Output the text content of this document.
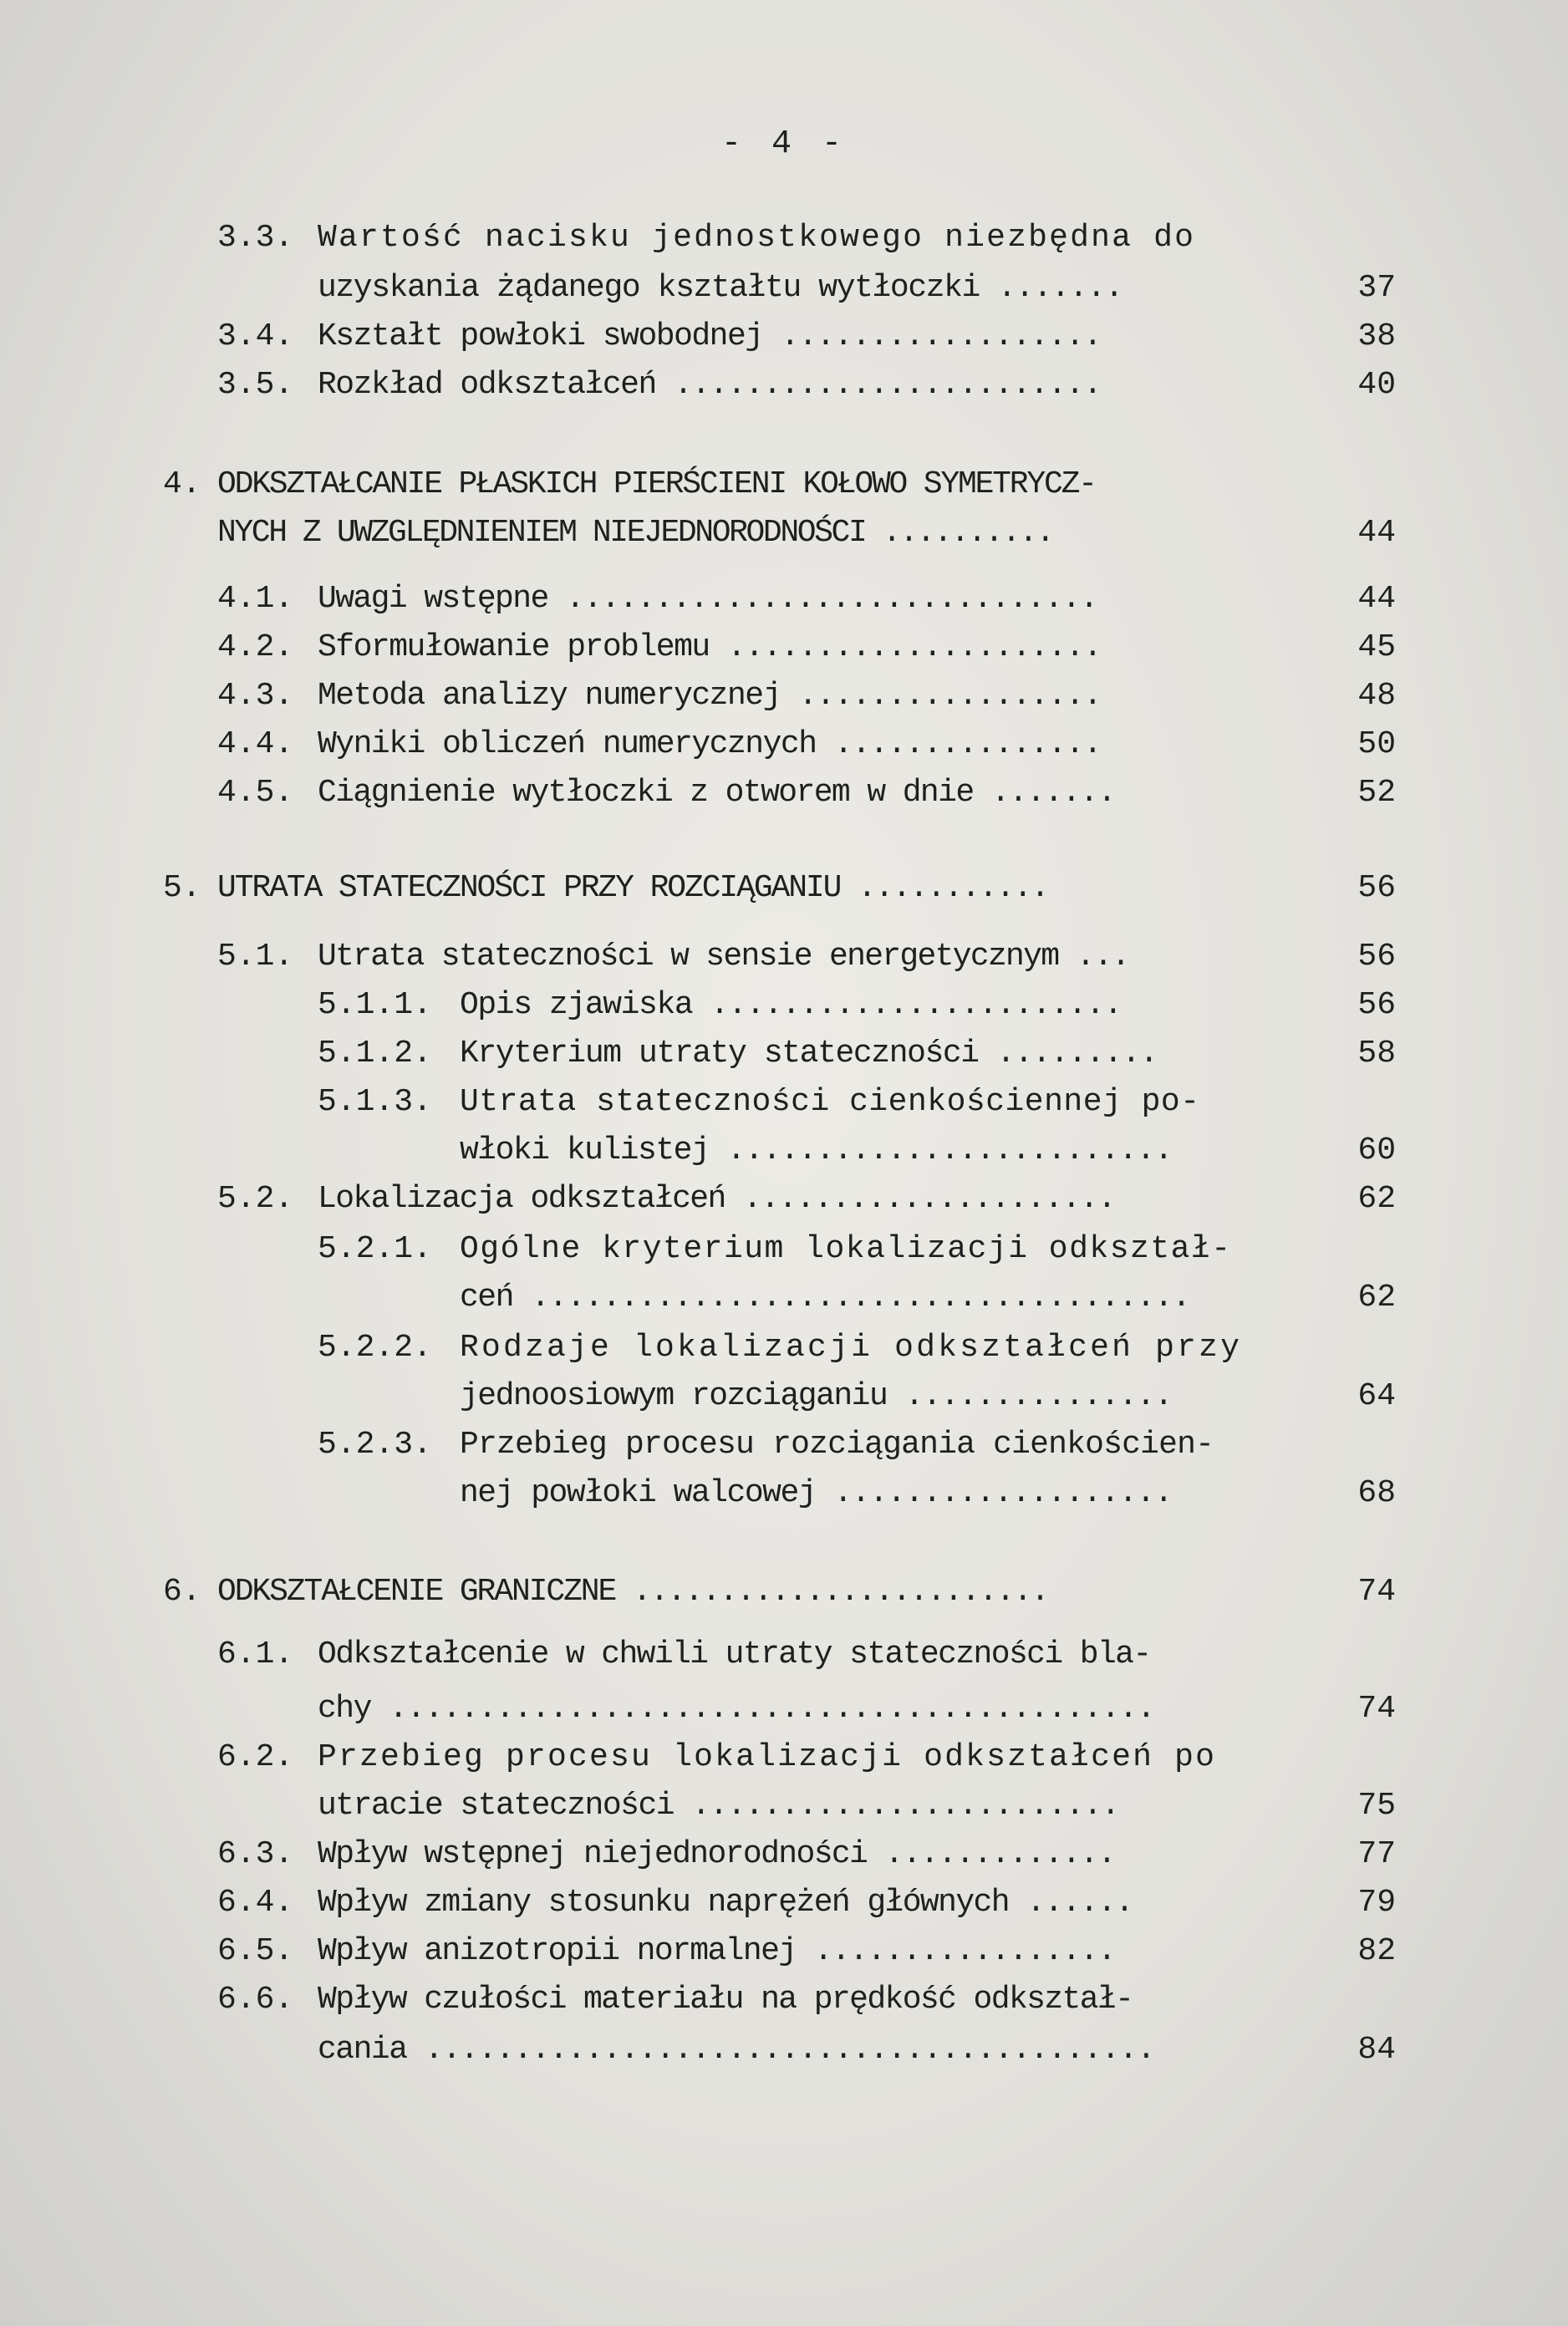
- 4 -
3.3. Wartość nacisku jednostkowego niezbędna do
uzyskania żądanego kształtu wytłoczki .......	37
3.4. Kształt powłoki swobodnej ..................	38
3.5. Rozkład odkształceń ........................	40
4. ODKSZTAŁCANIE PŁASKICH PIERŚCIENI KOŁOWO SYMETRYCZ-
NYCH Z UWZGLĘDNIENIEM NIEJEDNORODNOŚCI ..........	44
4.1. Uwagi wstępne ..............................	44
4.2. Sformułowanie problemu .....................	45
4.3. Metoda analizy numerycznej .................	48
4.4. Wyniki obliczeń numerycznych ...............	50
4.5. Ciągnienie wytłoczki z otworem w dnie .......	52
5. UTRATA STATECZNOŚCI PRZY ROZCIĄGANIU ...........	56
5.1. Utrata stateczności w sensie energetycznym ...	56
5.1.1. Opis zjawiska .......................	56
5.1.2. Kryterium utraty stateczności .........	58
5.1.3. Utrata stateczności cienkościennej po-
włoki kulistej .........................	60
5.2. Lokalizacja odkształceń .....................	62
5.2.1. Ogólne kryterium lokalizacji odkształ-
ceń .....................................	62
5.2.2. Rodzaje lokalizacji odkształceń przy
jednoosiowym rozciąganiu ...............	64
5.2.3. Przebieg procesu rozciągania cienkościen-
nej powłoki walcowej ...................	68
6. ODKSZTAŁCENIE GRANICZNE ........................	74
6.1. Odkształcenie w chwili utraty stateczności bla-
chy ...........................................	74
6.2. Przebieg procesu lokalizacji odkształceń po
utracie stateczności ........................	75
6.3. Wpływ wstępnej niejednorodności .............	77
6.4. Wpływ zmiany stosunku naprężeń głównych ......	79
6.5. Wpływ anizotropii normalnej .................	82
6.6. Wpływ czułości materiału na prędkość odkształ-
cania .........................................	84
